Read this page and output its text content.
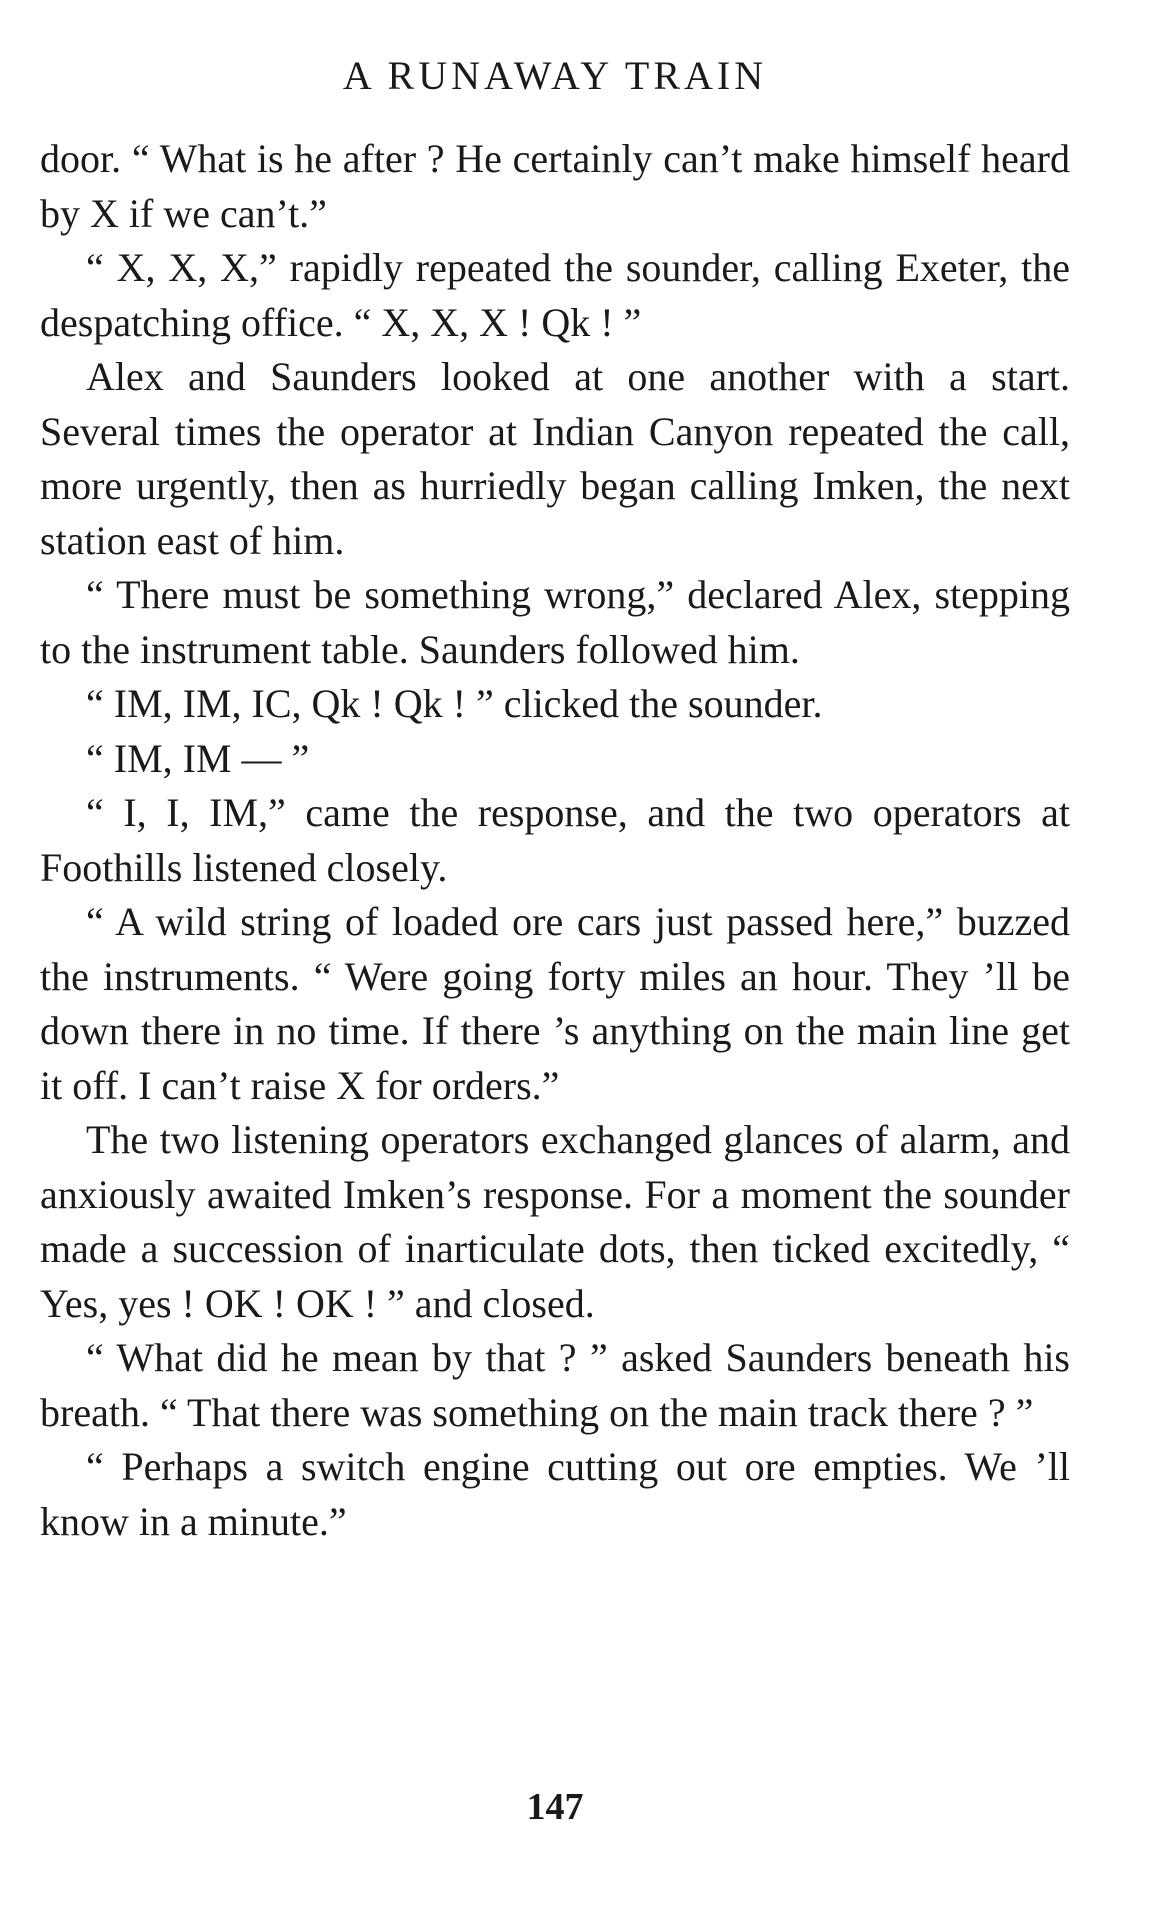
A RUNAWAY TRAIN

door. “ What is he after ? He certainly can’t make himself heard by X if we can’t.”

“ X, X, X,” rapidly repeated the sounder, calling Exeter, the despatching office. “ X, X, X ! Qk ! ”

Alex and Saunders looked at one another with a start. Several times the operator at Indian Canyon repeated the call, more urgently, then as hurriedly began calling Imken, the next station east of him.

“ There must be something wrong,” declared Alex, stepping to the instrument table. Saunders followed him.

“ IM, IM, IC, Qk ! Qk ! ” clicked the sounder.

“ IM, IM — ”

“ I, I, IM,” came the response, and the two operators at Foothills listened closely.

“ A wild string of loaded ore cars just passed here,” buzzed the instruments. “ Were going forty miles an hour. They ’ll be down there in no time. If there ’s anything on the main line get it off. I can’t raise X for orders.”

The two listening operators exchanged glances of alarm, and anxiously awaited Imken’s response. For a moment the sounder made a succession of inarticulate dots, then ticked excitedly, “ Yes, yes ! OK ! OK ! ” and closed.

“ What did he mean by that ? ” asked Saunders beneath his breath. “ That there was something on the main track there ? ”

“ Perhaps a switch engine cutting out ore empties. We ’ll know in a minute.”

147
